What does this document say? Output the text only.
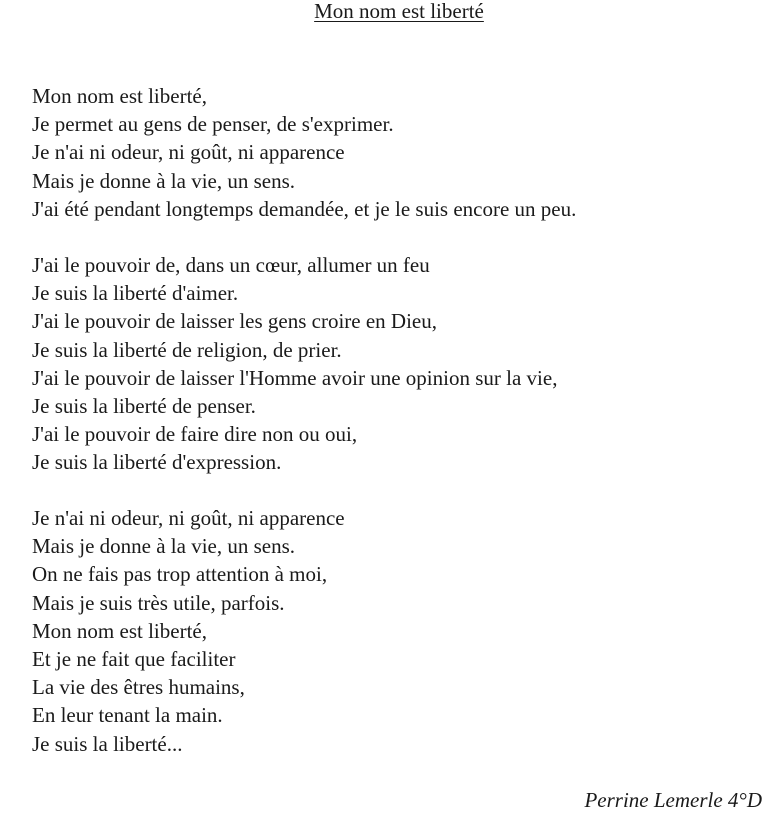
Mon nom est liberté
Mon nom est liberté,
Je permet au gens de penser, de s'exprimer.
Je n'ai ni odeur, ni goût, ni apparence
Mais je donne à la vie, un sens.
J'ai été pendant longtemps demandée, et je le suis encore un peu.
J'ai le pouvoir de, dans un cœur, allumer un feu
Je suis la liberté d'aimer.
J'ai le pouvoir de laisser les gens croire en Dieu,
Je suis la liberté de religion, de prier.
J'ai le pouvoir de laisser l'Homme avoir une opinion sur la vie,
Je suis la liberté de penser.
J'ai le pouvoir de faire dire non ou oui,
Je suis la liberté d'expression.
Je n'ai ni odeur, ni goût, ni apparence
Mais je donne à la vie, un sens.
On ne fais pas trop attention à moi,
Mais je suis très utile, parfois.
Mon nom est liberté,
Et je ne fait que faciliter
La vie des êtres humains,
En leur tenant la main.
Je suis la liberté...
Perrine Lemerle 4°D
